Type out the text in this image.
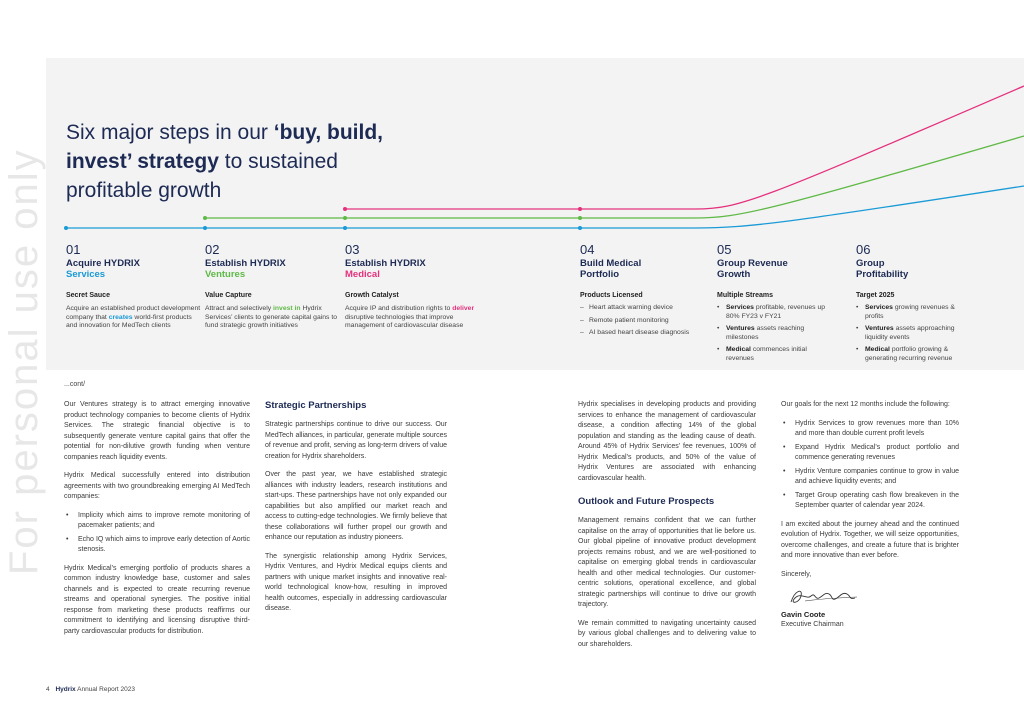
For personal use only
Six major steps in our ‘buy, build,
invest’ strategy to sustained
profitable growth
01
Acquire HYDRIX
Services
Secret Sauce
Acquire an established product development company that creates world-first products and innovation for MedTech clients
02
Establish HYDRIX
Ventures
Value Capture
Attract and selectively invest in Hydrix Services’ clients to generate capital gains to fund strategic growth initiatives
03
Establish HYDRIX
Medical
Growth Catalyst
Acquire IP and distribution rights to deliver disruptive technologies that improve management of cardiovascular disease
04
Build Medical
Portfolio
Products Licensed
– Heart attack warning device
– Remote patient monitoring
– AI based heart disease diagnosis
05
Group Revenue
Growth
Multiple Streams
• Services profitable, revenues up 80% FY23 v FY21
• Ventures assets reaching milestones
• Medical commences initial revenues
06
Group
Profitability
Target 2025
• Services growing revenues & profits
• Ventures assets approaching liquidity events
• Medical portfolio growing & generating recurring revenue
...cont/

Our Ventures strategy is to attract emerging innovative product technology companies to become clients of Hydrix Services. The strategic financial objective is to subsequently generate venture capital gains that offer the potential for non-dilutive growth funding when venture companies reach liquidity events.

Hydrix Medical successfully entered into distribution agreements with two groundbreaking emerging AI MedTech companies:

• Implicity which aims to improve remote monitoring of pacemaker patients; and
• Echo IQ which aims to improve early detection of Aortic stenosis.

Hydrix Medical’s emerging portfolio of products shares a common industry knowledge base, customer and sales channels and is expected to create recurring revenue streams and operational synergies. The positive initial response from marketing these products reaffirms our commitment to identifying and licensing disruptive third-party cardiovascular products for distribution.

Strategic Partnerships

Strategic partnerships continue to drive our success. Our MedTech alliances, in particular, generate multiple sources of revenue and profit, serving as long-term drivers of value creation for Hydrix shareholders.

Over the past year, we have established strategic alliances with industry leaders, research institutions and start-ups. These partnerships have not only expanded our capabilities but also amplified our market reach and access to cutting-edge technologies. We firmly believe that these collaborations will further propel our growth and enhance our reputation as industry pioneers.

The synergistic relationship among Hydrix Services, Hydrix Ventures, and Hydrix Medical equips clients and partners with unique market insights and innovative real-world technological know-how, resulting in improved health outcomes, especially in addressing cardiovascular disease.

Hydrix specialises in developing products and providing services to enhance the management of cardiovascular disease, a condition affecting 14% of the global population and standing as the leading cause of death. Around 45% of Hydrix Services’ fee revenues, 100% of Hydrix Medical’s products, and 50% of the value of Hydrix Ventures are associated with enhancing cardiovascular health.

Outlook and Future Prospects

Management remains confident that we can further capitalise on the array of opportunities that lie before us. Our global pipeline of innovative product development projects remains robust, and we are well-positioned to capitalise on emerging global trends in cardiovascular health and other medical technologies. Our customer-centric solutions, operational excellence, and global strategic partnerships will continue to drive our growth trajectory.

We remain committed to navigating uncertainty caused by various global challenges and to delivering value to our shareholders.

Our goals for the next 12 months include the following:

• Hydrix Services to grow revenues more than 10% and more than double current profit levels
• Expand Hydrix Medical’s product portfolio and commence generating revenues
• Hydrix Venture companies continue to grow in value and achieve liquidity events; and
• Target Group operating cash flow breakeven in the September quarter of calendar year 2024.

I am excited about the journey ahead and the continued evolution of Hydrix. Together, we will seize opportunities, overcome challenges, and create a future that is brighter and more innovative than ever before.

Sincerely,

Gavin Coote
Executive Chairman
4 Hydrix Annual Report 2023
